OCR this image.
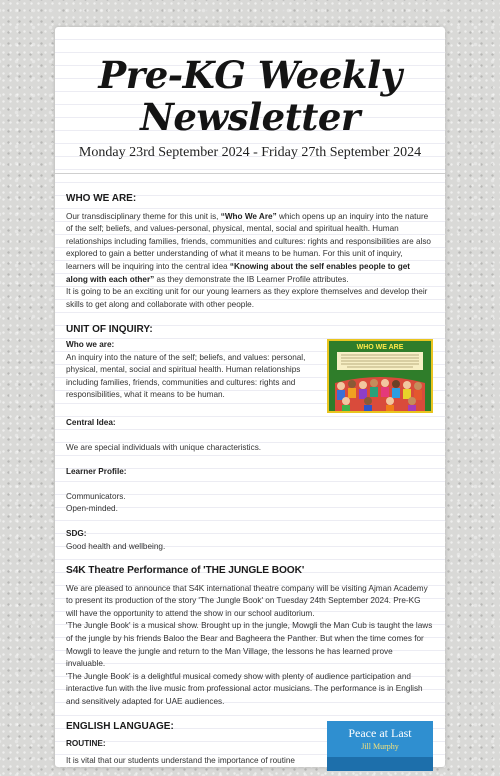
Pre-KG Weekly
Newsletter
Monday 23rd September 2024 - Friday 27th September 2024
WHO WE ARE:

Our transdisciplinary theme for this unit is, “Who We Are” which opens up an inquiry into the nature of the self; beliefs, and values-personal, physical, mental, social and spiritual health. Human relationships including families, friends, communities and cultures: rights and responsibilities are also explored to gain a better understanding of what it means to be human. For this unit of inquiry, learners will be inquiring into the central idea “Knowing about the self enables people to get along with each other” as they demonstrate the IB Learner Profile attributes.

It is going to be an exciting unit for our young learners as they explore themselves and develop their skills to get along and collaborate with other people.

UNIT OF INQUIRY:
WHO WE ARE
Who we are:

An inquiry into the nature of the self; beliefs, and values: personal, physical, mental, social and spiritual health. Human relationships including families, friends, communities and cultures: rights and responsibilities, what it means to be human.

Central Idea:

We are special individuals with unique characteristics.

Learner Profile:

Communicators.

Open-minded.

SDG:

Good health and wellbeing.

S4K Theatre Performance of 'THE JUNGLE BOOK'

We are pleased to announce that S4K international theatre company will be visiting Ajman Academy to present its production of the story 'The Jungle Book' on Tuesday 24th September 2024. Pre-KG will have the opportunity to attend the show in our school auditorium.

'The Jungle Book' is a musical show. Brought up in the jungle, Mowgli the Man Cub is taught the laws of the jungle by his friends Baloo the Bear and Bagheera the Panther. But when the time comes for Mowgli to leave the jungle and return to the Man Village, the lessons he has learned prove invaluable.

'The Jungle Book' is a delightful musical comedy show with plenty of audience participation and interactive fun with the live music from professional actor musicians. The performance is in English and sensitively adapted for UAE audiences.

Peace at Last
Jill Murphy
ENGLISH LANGUAGE:
ROUTINE:

It is vital that our students understand the importance of routine
